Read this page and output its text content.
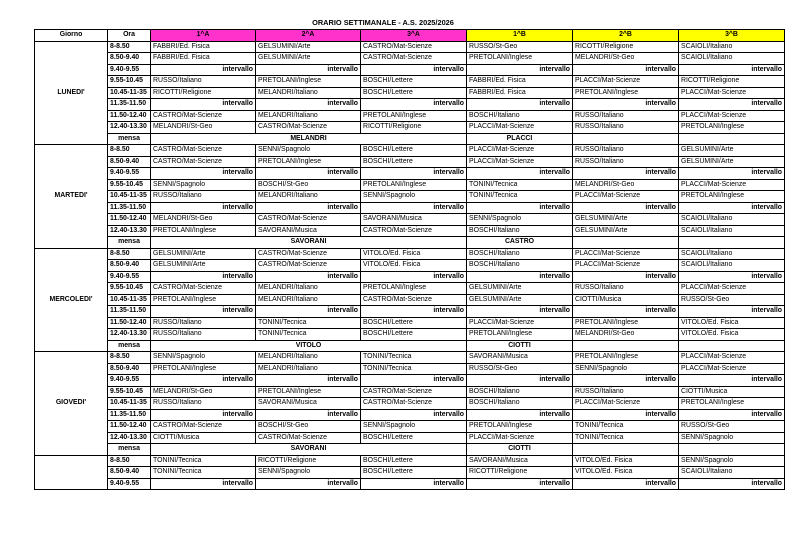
ORARIO SETTIMANALE - A.S. 2025/2026
Giorno	Ora	1^A	2^A	3^A	1^B	2^B	3^B
LUNEDI'	8-8.50	FABBRI/Ed. Fisica	GELSUMINI/Arte	CASTRO/Mat-Scienze	RUSSO/St-Geo	RICOTTI/Religione	SCAIOLI/Italiano
	8.50-9.40	FABBRI/Ed. Fisica	GELSUMINI/Arte	CASTRO/Mat-Scienze	PRETOLANI/Inglese	MELANDRI/St-Geo	SCAIOLI/Italiano
	9.40-9.55	intervallo	intervallo	intervallo	intervallo	intervallo	intervallo
	9.55-10.45	RUSSO/Italiano	PRETOLANI/Inglese	BOSCHI/Lettere	FABBRI/Ed. Fisica	PLACCI/Mat-Scienze	RICOTTI/Religione
	10.45-11-35	RICOTTI/Religione	MELANDRI/Italiano	BOSCHI/Lettere	FABBRI/Ed. Fisica	PRETOLANI/Inglese	PLACCI/Mat-Scienze
	11.35-11.50	intervallo	intervallo	intervallo	intervallo	intervallo	intervallo
	11.50-12.40	CASTRO/Mat-Scienze	MELANDRI/Italiano	PRETOLANI/Inglese	BOSCHI/Italiano	RUSSO/Italiano	PLACCI/Mat-Scienze
	12.40-13.30	MELANDRI/St-Geo	CASTRO/Mat-Scienze	RICOTTI/Religione	PLACCI/Mat-Scienze	RUSSO/Italiano	PRETOLANI/Inglese
	mensa	MELANDRI			PLACCI		
MARTEDI'	8-8.50	CASTRO/Mat-Scienze	SENNI/Spagnolo	BOSCHI/Lettere	PLACCI/Mat-Scienze	RUSSO/Italiano	GELSUMINI/Arte
	8.50-9.40	CASTRO/Mat-Scienze	PRETOLANI/Inglese	BOSCHI/Lettere	PLACCI/Mat-Scienze	RUSSO/Italiano	GELSUMINI/Arte
	9.40-9.55	intervallo	intervallo	intervallo	intervallo	intervallo	intervallo
	9.55-10.45	SENNI/Spagnolo	BOSCHI/St-Geo	PRETOLANI/Inglese	TONINI/Tecnica	MELANDRI/St-Geo	PLACCI/Mat-Scienze
	10.45-11-35	RUSSO/Italiano	MELANDRI/Italiano	SENNI/Spagnolo	TONINI/Tecnica	PLACCI/Mat-Scienze	PRETOLANI/Inglese
	11.35-11.50	intervallo	intervallo	intervallo	intervallo	intervallo	intervallo
	11.50-12.40	MELANDRI/St-Geo	CASTRO/Mat-Scienze	SAVORANI/Musica	SENNI/Spagnolo	GELSUMINI/Arte	SCAIOLI/Italiano
	12.40-13.30	PRETOLANI/Inglese	SAVORANI/Musica	CASTRO/Mat-Scienze	BOSCHI/Italiano	GELSUMINI/Arte	SCAIOLI/Italiano
	mensa	SAVORANI			CASTRO		
MERCOLEDI'	8-8.50	GELSUMINI/Arte	CASTRO/Mat-Scienze	VITOLO/Ed. Fisica	BOSCHI/Italiano	PLACCI/Mat-Scienze	SCAIOLI/Italiano
	8.50-9.40	GELSUMINI/Arte	CASTRO/Mat-Scienze	VITOLO/Ed. Fisica	BOSCHI/Italiano	PLACCI/Mat-Scienze	SCAIOLI/Italiano
	9.40-9.55	intervallo	intervallo	intervallo	intervallo	intervallo	intervallo
	9.55-10.45	CASTRO/Mat-Scienze	MELANDRI/Italiano	PRETOLANI/Inglese	GELSUMINI/Arte	RUSSO/Italiano	PLACCI/Mat-Scienze
	10.45-11-35	PRETOLANI/Inglese	MELANDRI/Italiano	CASTRO/Mat-Scienze	GELSUMINI/Arte	CIOTTI/Musica	RUSSO/St-Geo
	11.35-11.50	intervallo	intervallo	intervallo	intervallo	intervallo	intervallo
	11.50-12.40	RUSSO/Italiano	TONINI/Tecnica	BOSCHI/Lettere	PLACCI/Mat-Scienze	PRETOLANI/Inglese	VITOLO/Ed. Fisica
	12.40-13.30	RUSSO/Italiano	TONINI/Tecnica	BOSCHI/Lettere	PRETOLANI/Inglese	MELANDRI/St-Geo	VITOLO/Ed. Fisica
	mensa	VITOLO			CIOTTI		
GIOVEDI'	8-8.50	SENNI/Spagnolo	MELANDRI/Italiano	TONINI/Tecnica	SAVORANI/Musica	PRETOLANI/Inglese	PLACCI/Mat-Scienze
	8.50-9.40	PRETOLANI/Inglese	MELANDRI/Italiano	TONINI/Tecnica	RUSSO/St-Geo	SENNI/Spagnolo	PLACCI/Mat-Scienze
	9.40-9.55	intervallo	intervallo	intervallo	intervallo	intervallo	intervallo
	9.55-10.45	MELANDRI/St-Geo	PRETOLANI/Inglese	CASTRO/Mat-Scienze	BOSCHI/Italiano	RUSSO/Italiano	CIOTTI/Musica
	10.45-11-35	RUSSO/Italiano	SAVORANI/Musica	CASTRO/Mat-Scienze	BOSCHI/Italiano	PLACCI/Mat-Scienze	PRETOLANI/Inglese
	11.35-11.50	intervallo	intervallo	intervallo	intervallo	intervallo	intervallo
	11.50-12.40	CASTRO/Mat-Scienze	BOSCHI/St-Geo	SENNI/Spagnolo	PRETOLANI/Inglese	TONINI/Tecnica	RUSSO/St-Geo
	12.40-13.30	CIOTTI/Musica	CASTRO/Mat-Scienze	BOSCHI/Lettere	PLACCI/Mat-Scienze	TONINI/Tecnica	SENNI/Spagnolo
	mensa	SAVORANI			CIOTTI		
	8-8.50	TONINI/Tecnica	RICOTTI/Religione	BOSCHI/Lettere	SAVORANI/Musica	VITOLO/Ed. Fisica	SENNI/Spagnolo
	8.50-9.40	TONINI/Tecnica	SENNI/Spagnolo	BOSCHI/Lettere	RICOTTI/Religione	VITOLO/Ed. Fisica	SCAIOLI/Italiano
	9.40-9.55	intervallo	intervallo	intervallo	intervallo	intervallo	intervallo
